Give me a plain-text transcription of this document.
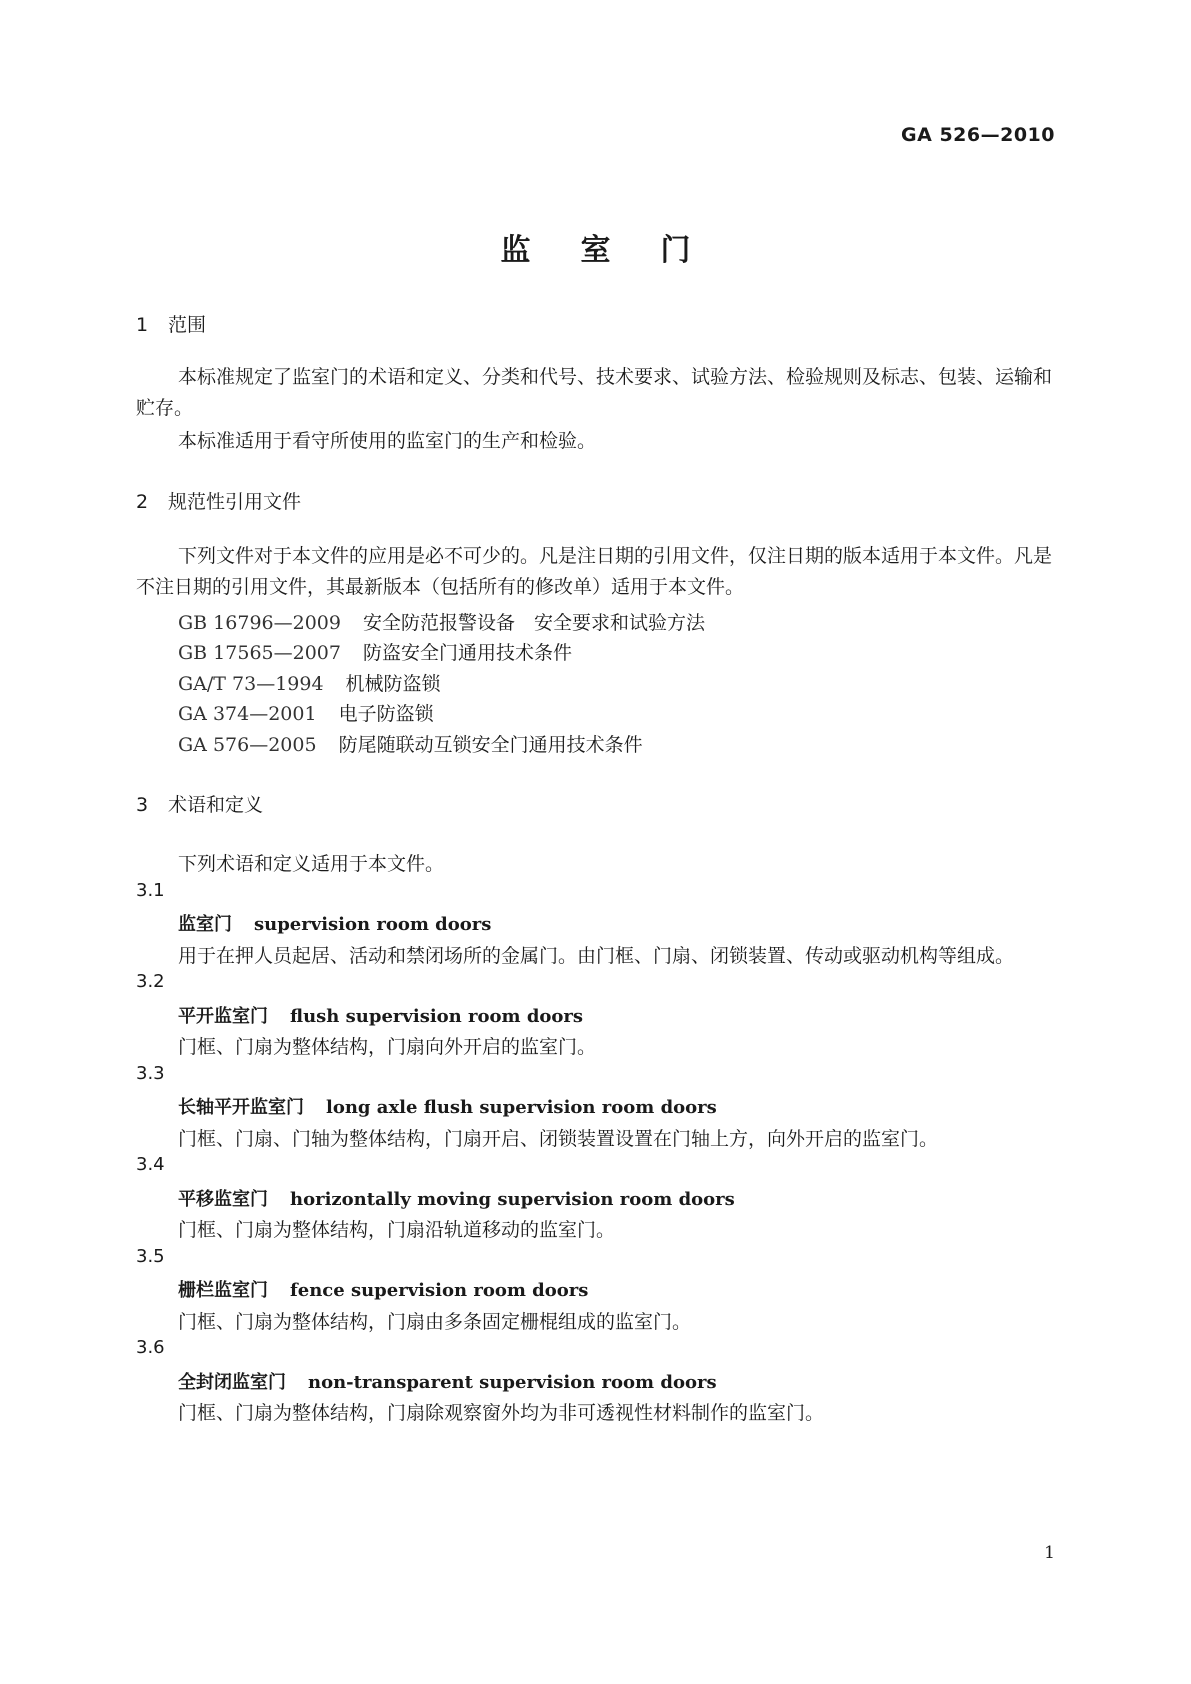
GA 526—2010
监室门
1 范围
本标准规定了监室门的术语和定义、分类和代号、技术要求、试验方法、检验规则及标志、包装、运输和贮存。
本标准适用于看守所使用的监室门的生产和检验。
2 规范性引用文件
下列文件对于本文件的应用是必不可少的。凡是注日期的引用文件，仅注日期的版本适用于本文件。凡是不注日期的引用文件，其最新版本（包括所有的修改单）适用于本文件。
GB 16796—2009 安全防范报警设备　安全要求和试验方法
GB 17565—2007 防盗安全门通用技术条件
GA/T 73—1994 机械防盗锁
GA 374—2001 电子防盗锁
GA 576—2005 防尾随联动互锁安全门通用技术条件
3 术语和定义
下列术语和定义适用于本文件。
3.1
监室门 supervision room doors
用于在押人员起居、活动和禁闭场所的金属门。由门框、门扇、闭锁装置、传动或驱动机构等组成。
3.2
平开监室门 flush supervision room doors
门框、门扇为整体结构，门扇向外开启的监室门。
3.3
长轴平开监室门 long axle flush supervision room doors
门框、门扇、门轴为整体结构，门扇开启、闭锁装置设置在门轴上方，向外开启的监室门。
3.4
平移监室门 horizontally moving supervision room doors
门框、门扇为整体结构，门扇沿轨道移动的监室门。
3.5
栅栏监室门 fence supervision room doors
门框、门扇为整体结构，门扇由多条固定栅棍组成的监室门。
3.6
全封闭监室门 non-transparent supervision room doors
门框、门扇为整体结构，门扇除观察窗外均为非可透视性材料制作的监室门。
1
